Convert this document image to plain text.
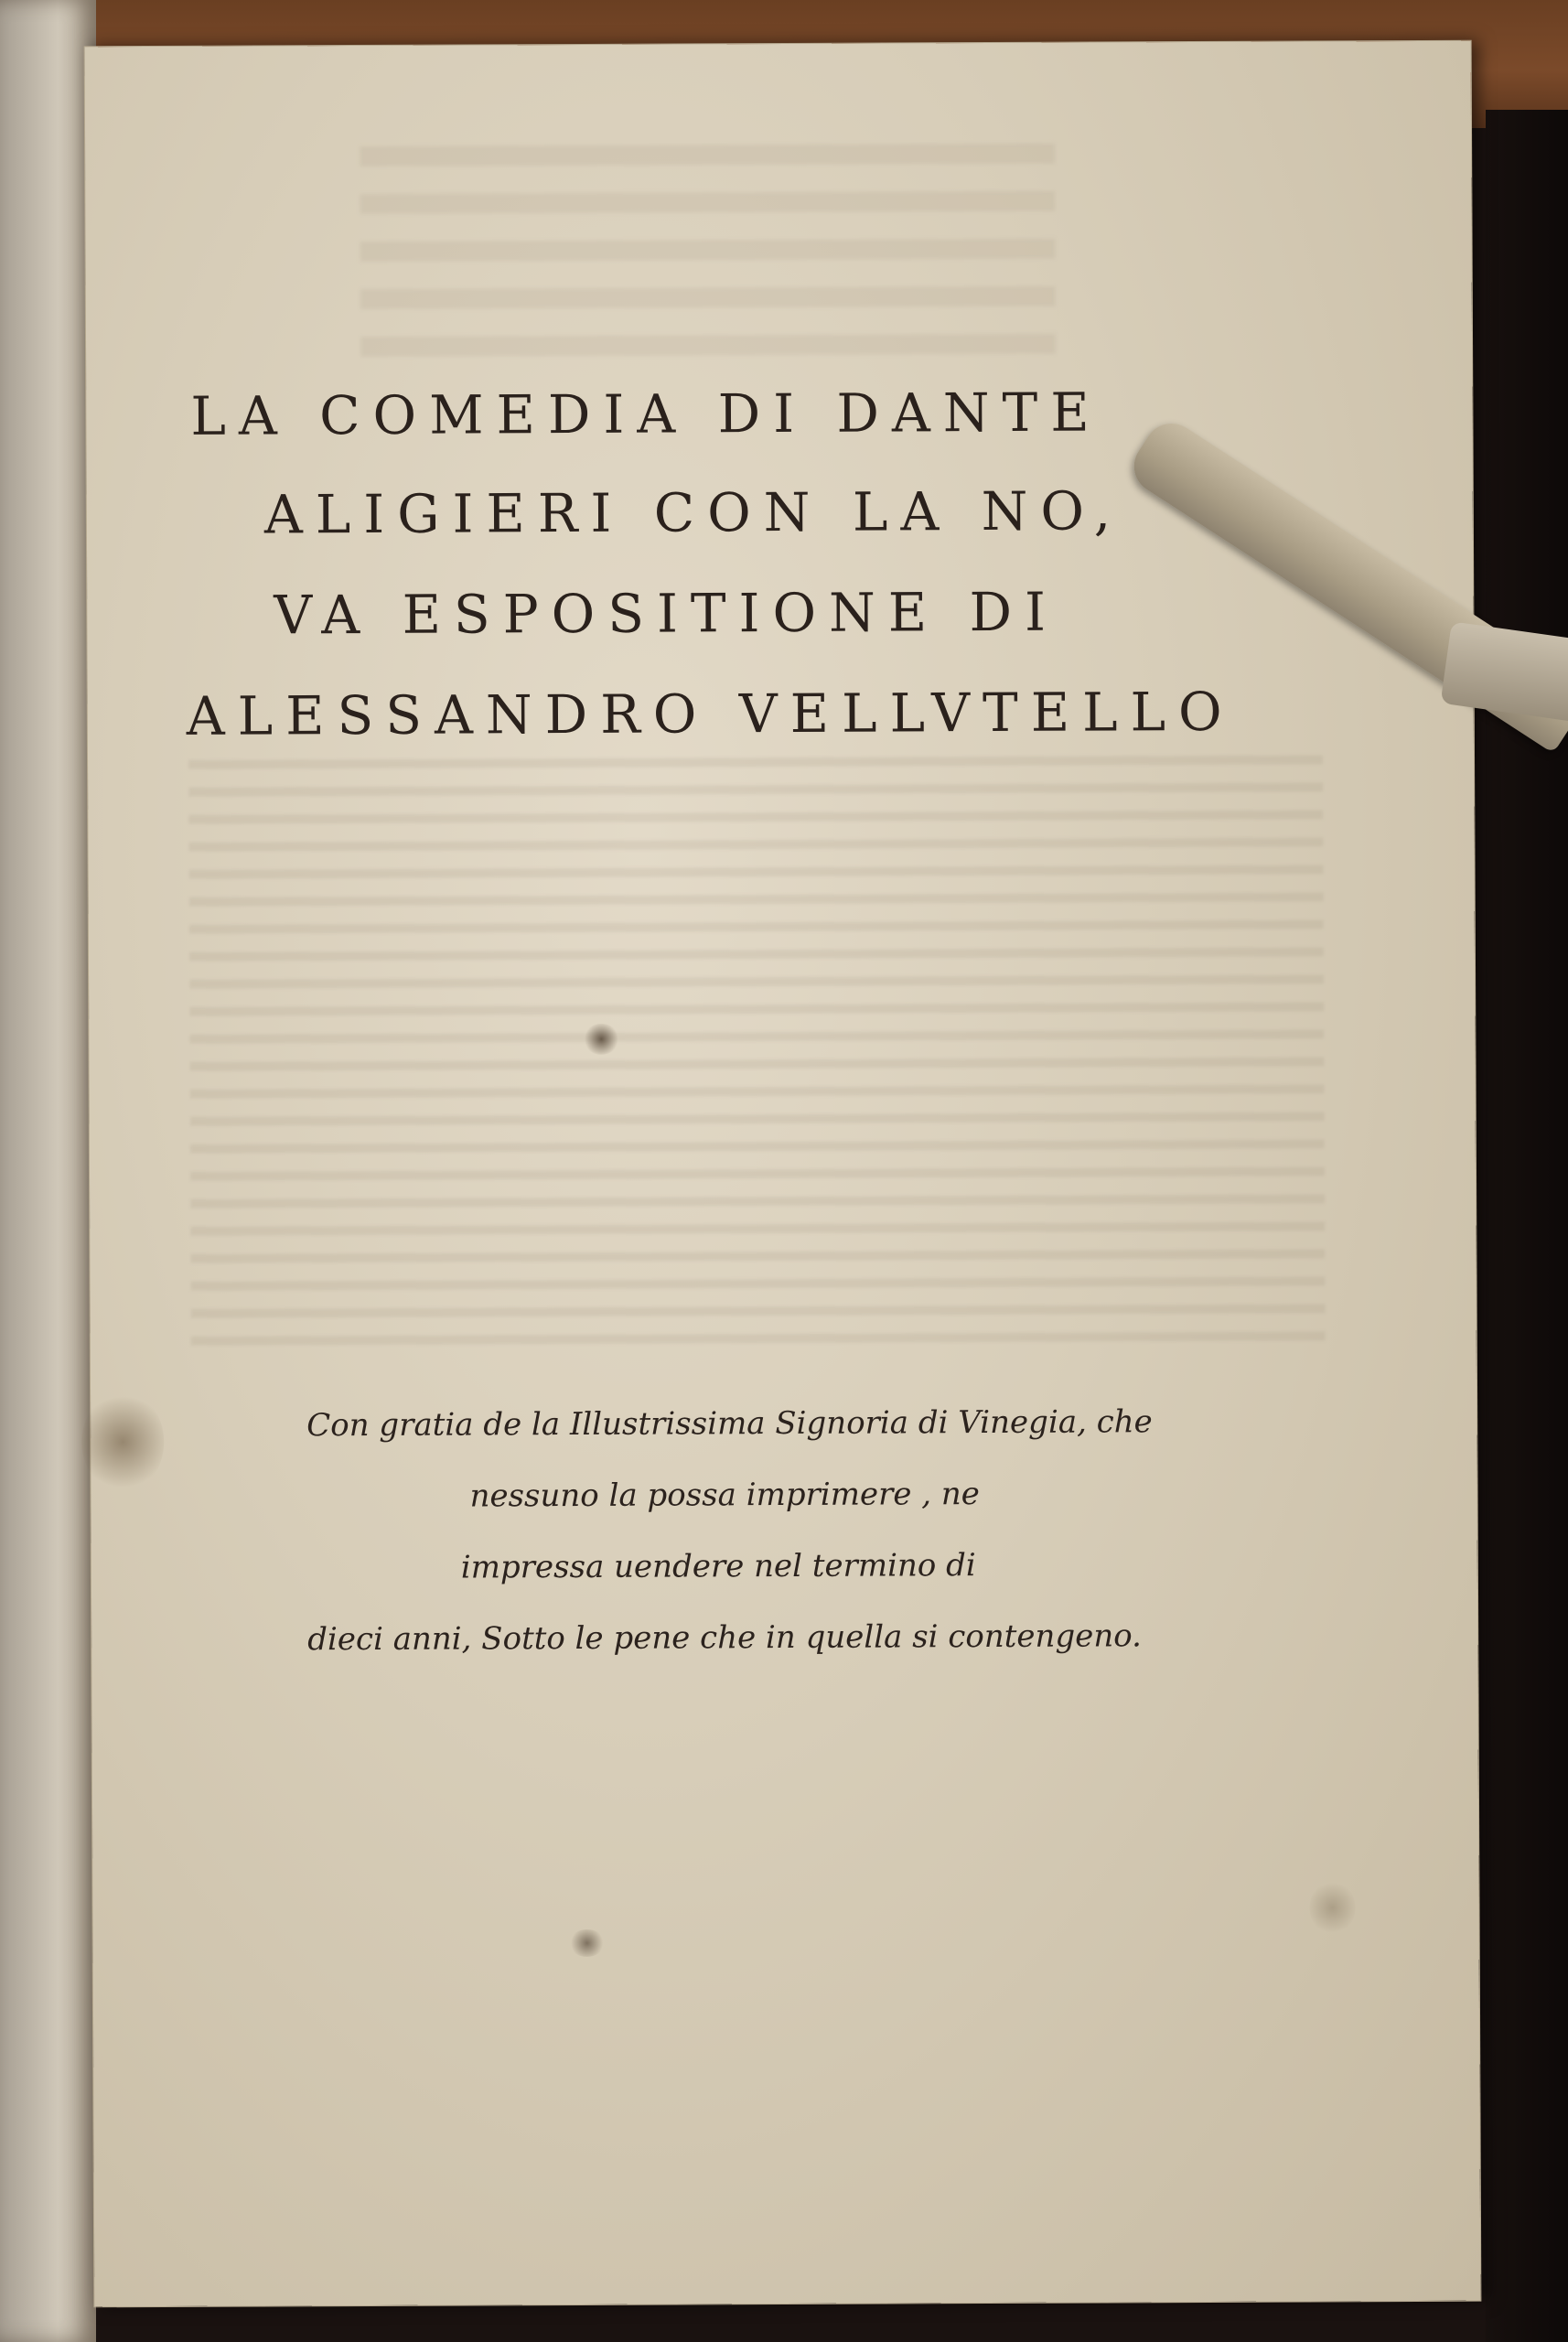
LA COMEDIA DI DANTE
ALIGIERI CON LA NO,
VA ESPOSITIONE DI
ALESSANDRO VELLVTELLO
Con gratia de la Illustrissima Signoria di Vinegia, che
nessuno la possa imprimere , ne
impressa uendere nel termino di
dieci anni, Sotto le pene che in quella si contengeno.
